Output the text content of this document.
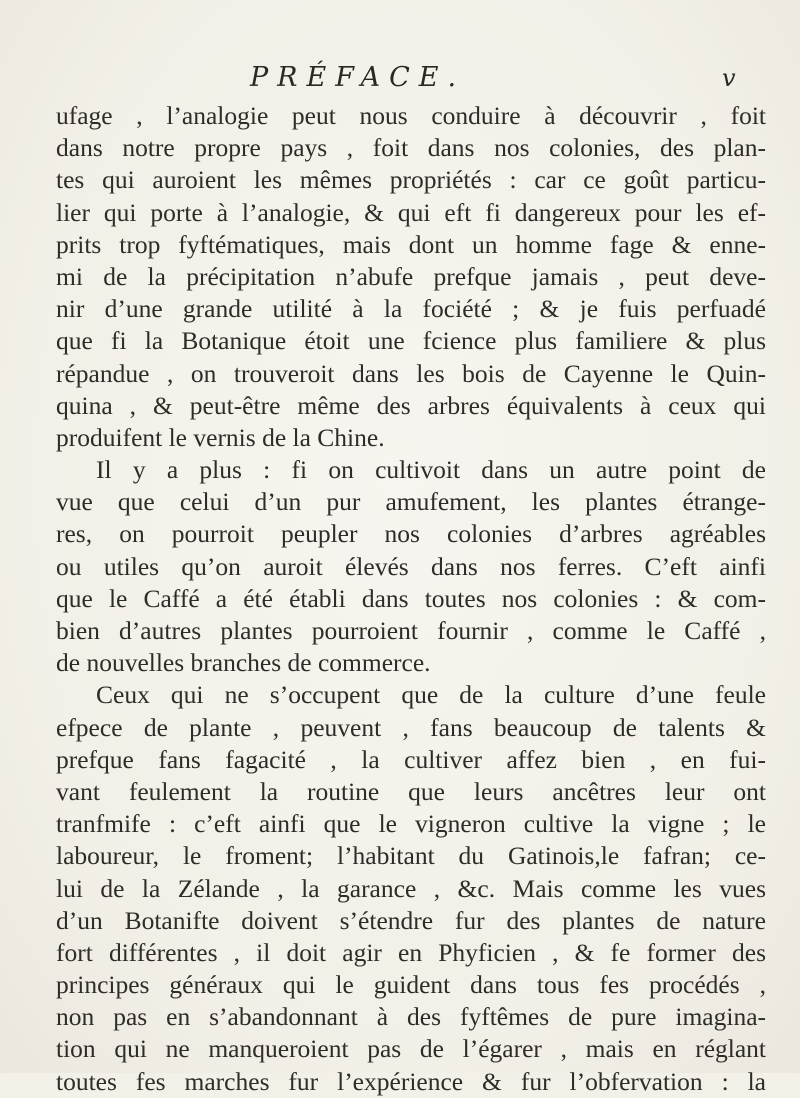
PRÉFACE.	v
ufage , l’analogie peut nous conduire à découvrir , foit
dans notre propre pays , foit dans nos colonies, des plan-
tes qui auroient les mêmes propriétés : car ce goût particu-
lier qui porte à l’analogie, & qui eft fi dangereux pour les ef-
prits trop fyftématiques, mais dont un homme fage & enne-
mi de la précipitation n’abufe prefque jamais , peut deve-
nir d’une grande utilité à la fociété ; & je fuis perfuadé
que fi la Botanique étoit une fcience plus familiere & plus
répandue , on trouveroit dans les bois de Cayenne le Quin-
quina , & peut-être même des arbres équivalents à ceux qui
produifent le vernis de la Chine.
Il y a plus : fi on cultivoit dans un autre point de
vue que celui d’un pur amufement, les plantes étrange-
res, on pourroit peupler nos colonies d’arbres agréables
ou utiles qu’on auroit élevés dans nos ferres. C’eft ainfi
que le Caffé a été établi dans toutes nos colonies : & com-
bien d’autres plantes pourroient fournir , comme le Caffé ,
de nouvelles branches de commerce.
Ceux qui ne s’occupent que de la culture d’une feule
efpece de plante , peuvent , fans beaucoup de talents &
prefque fans fagacité , la cultiver affez bien , en fui-
vant feulement la routine que leurs ancêtres leur ont
tranfmife : c’eft ainfi que le vigneron cultive la vigne ; le
laboureur, le froment; l’habitant du Gatinois,le fafran; ce-
lui de la Zélande , la garance , &c. Mais comme les vues
d’un Botanifte doivent s’étendre fur des plantes de nature
fort différentes , il doit agir en Phyficien , & fe former des
principes généraux qui le guident dans tous fes procédés ,
non pas en s’abandonnant à des fyftêmes de pure imagina-
tion qui ne manqueroient pas de l’égarer , mais en réglant
toutes fes marches fur l’expérience & fur l’obfervation : la
